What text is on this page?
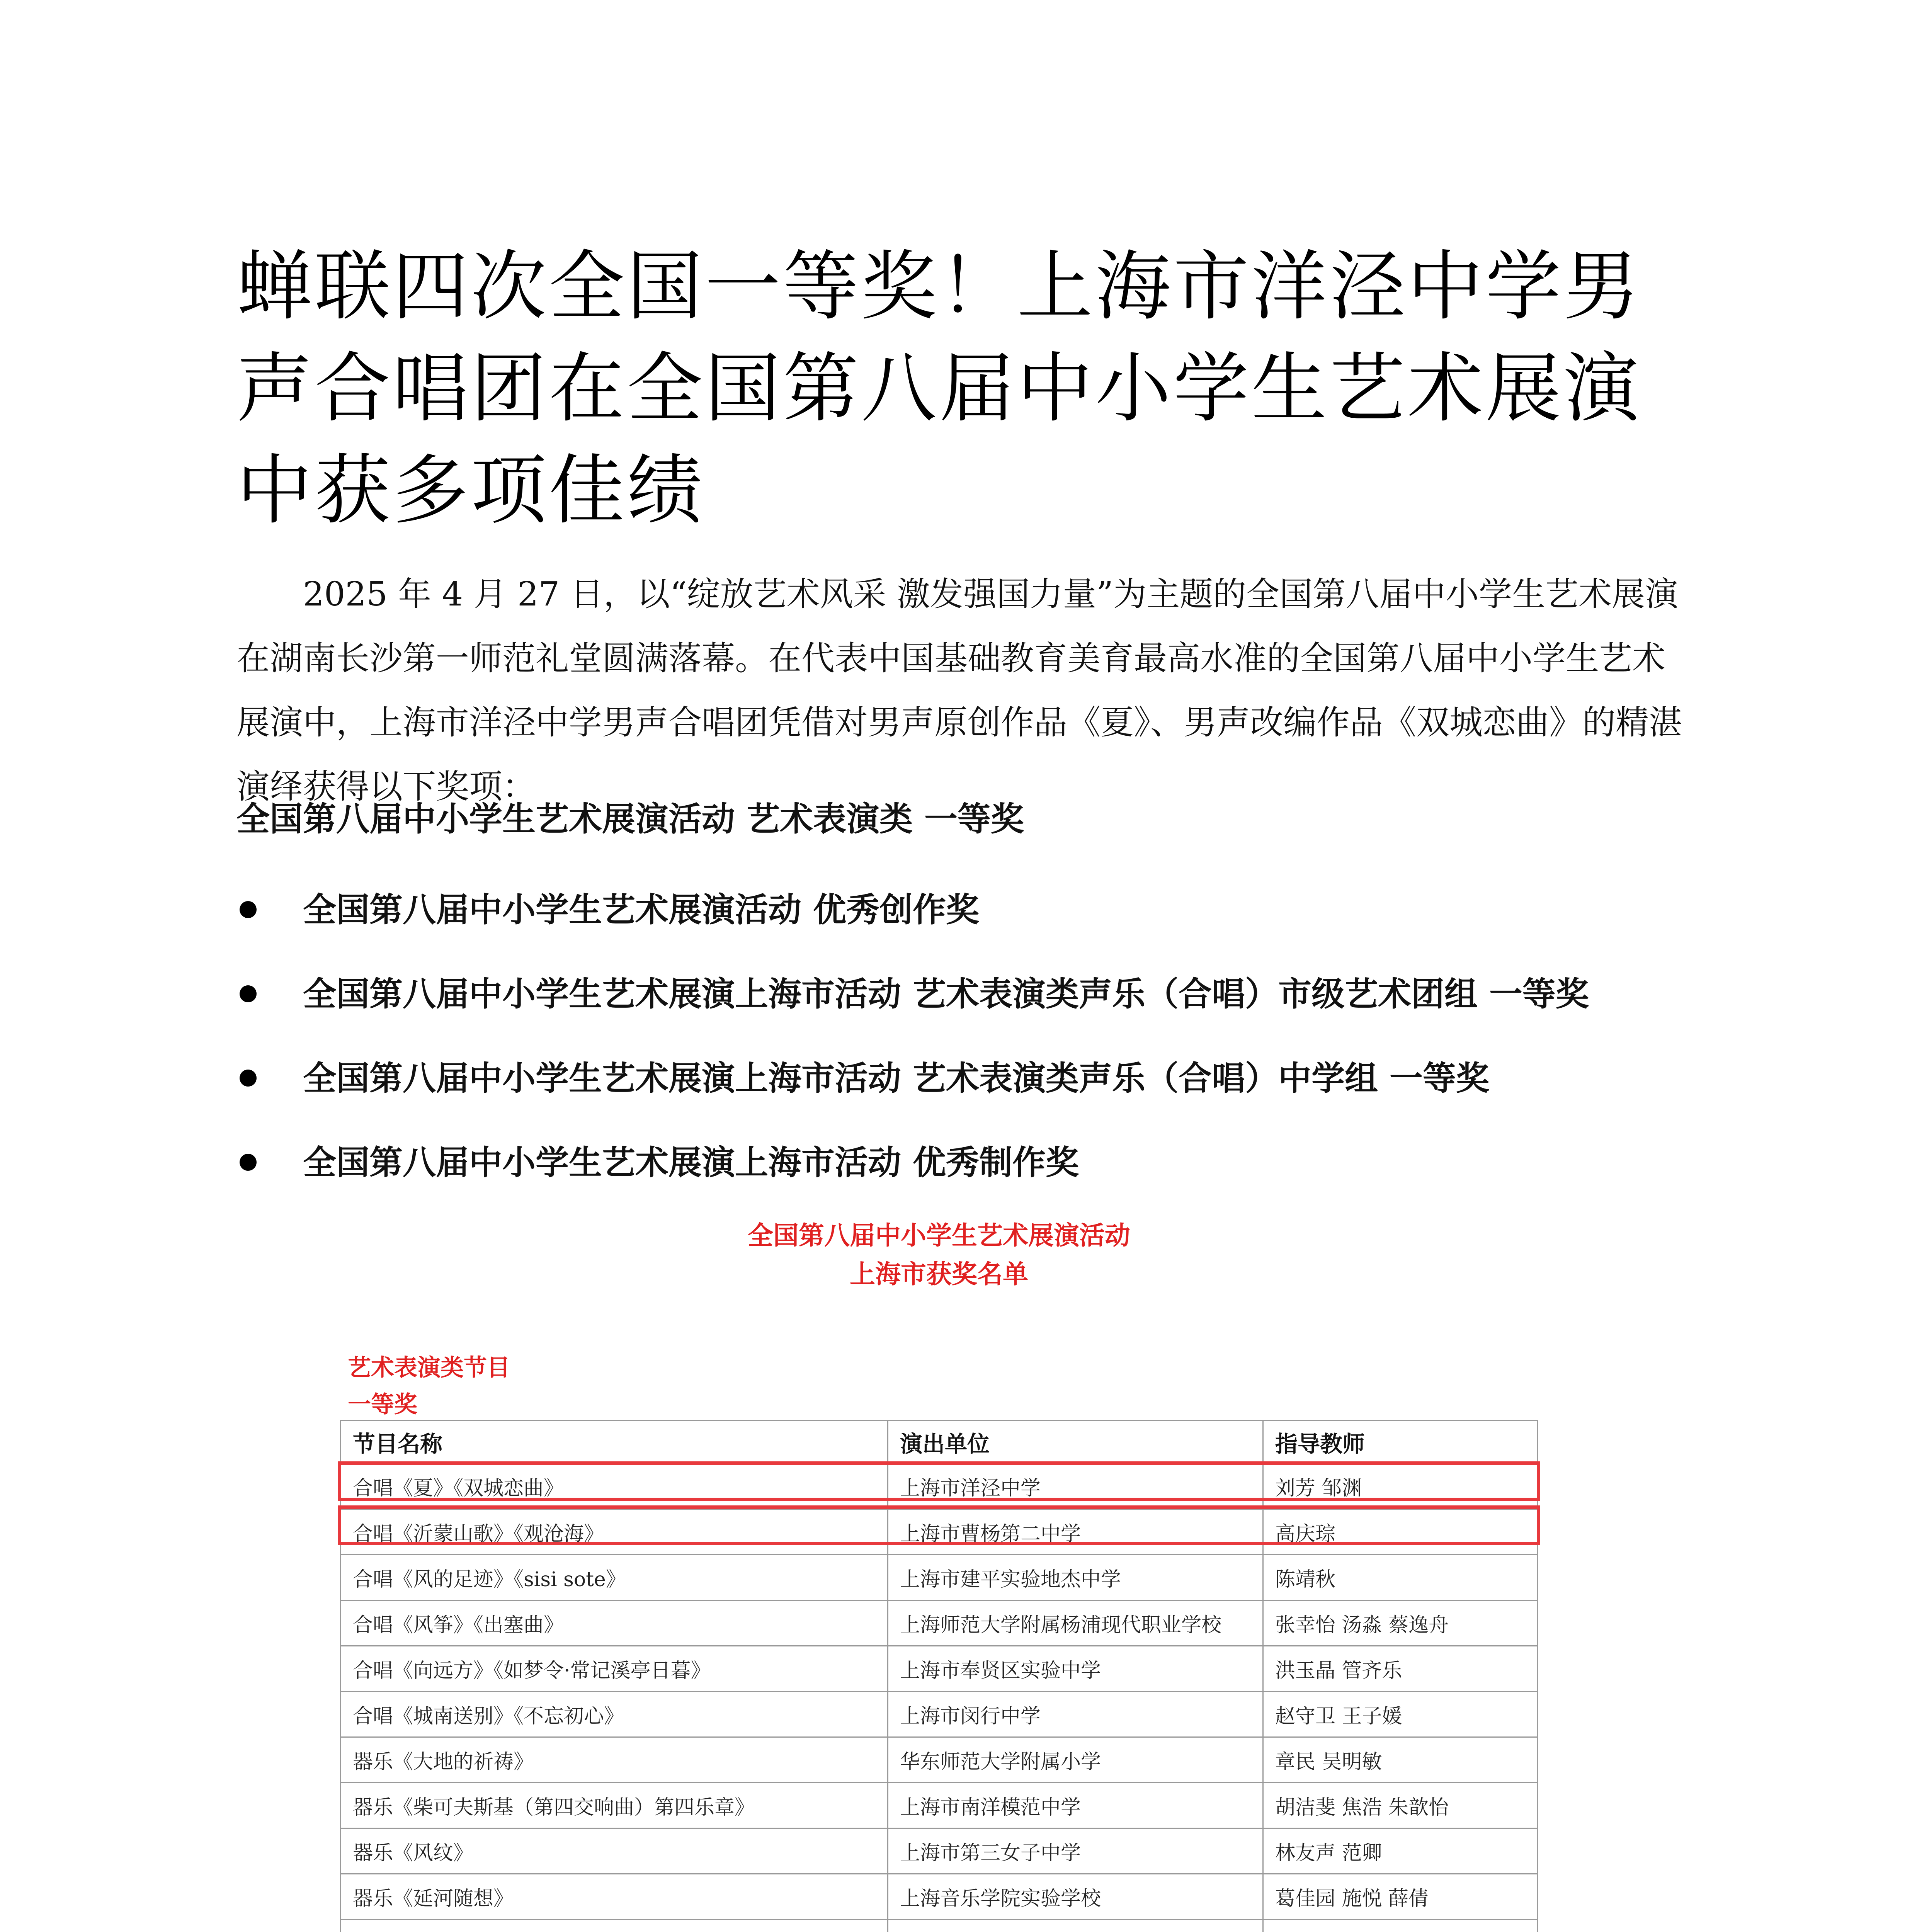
蝉联四次全国一等奖！上海市洋泾中学男声合唱团在全国第八届中小学生艺术展演中获多项佳绩

2025 年 4 月 27 日，以“绽放艺术风采 激发强国力量”为主题的全国第八届中小学生艺术展演在湖南长沙第一师范礼堂圆满落幕。在代表中国基础教育美育最高水准的全国第八届中小学生艺术展演中，上海市洋泾中学男声合唱团凭借对男声原创作品《夏》、男声改编作品《双城恋曲》的精湛演绎获得以下奖项：

全国第八届中小学生艺术展演活动 艺术表演类 一等奖

全国第八届中小学生艺术展演活动 优秀创作奖
全国第八届中小学生艺术展演上海市活动 艺术表演类声乐（合唱）市级艺术团组 一等奖
全国第八届中小学生艺术展演上海市活动 艺术表演类声乐（合唱）中学组 一等奖
全国第八届中小学生艺术展演上海市活动 优秀制作奖
全国第八届中小学生艺术展演活动
上海市获奖名单
艺术表演类节目
一等奖
节目名称	演出单位	指导教师
合唱《夏》《双城恋曲》	上海市洋泾中学	刘芳 邹渊
合唱《沂蒙山歌》《观沧海》	上海市曹杨第二中学	高庆琮
合唱《风的足迹》《sisi sote》	上海市建平实验地杰中学	陈靖秋
合唱《风筝》《出塞曲》	上海师范大学附属杨浦现代职业学校	张幸怡 汤淼 蔡逸舟
合唱《向远方》《如梦令·常记溪亭日暮》	上海市奉贤区实验中学	洪玉晶 管齐乐
合唱《城南送别》《不忘初心》	上海市闵行中学	赵守卫 王子媛
器乐《大地的祈祷》	华东师范大学附属小学	章民 吴明敏
器乐《柴可夫斯基（第四交响曲）第四乐章》	上海市南洋模范中学	胡洁斐 焦浩 朱歆怡
器乐《风纹》	上海市第三女子中学	林友声 范卿
器乐《延河随想》	上海音乐学院实验学校	葛佳园 施悦 薛倩
